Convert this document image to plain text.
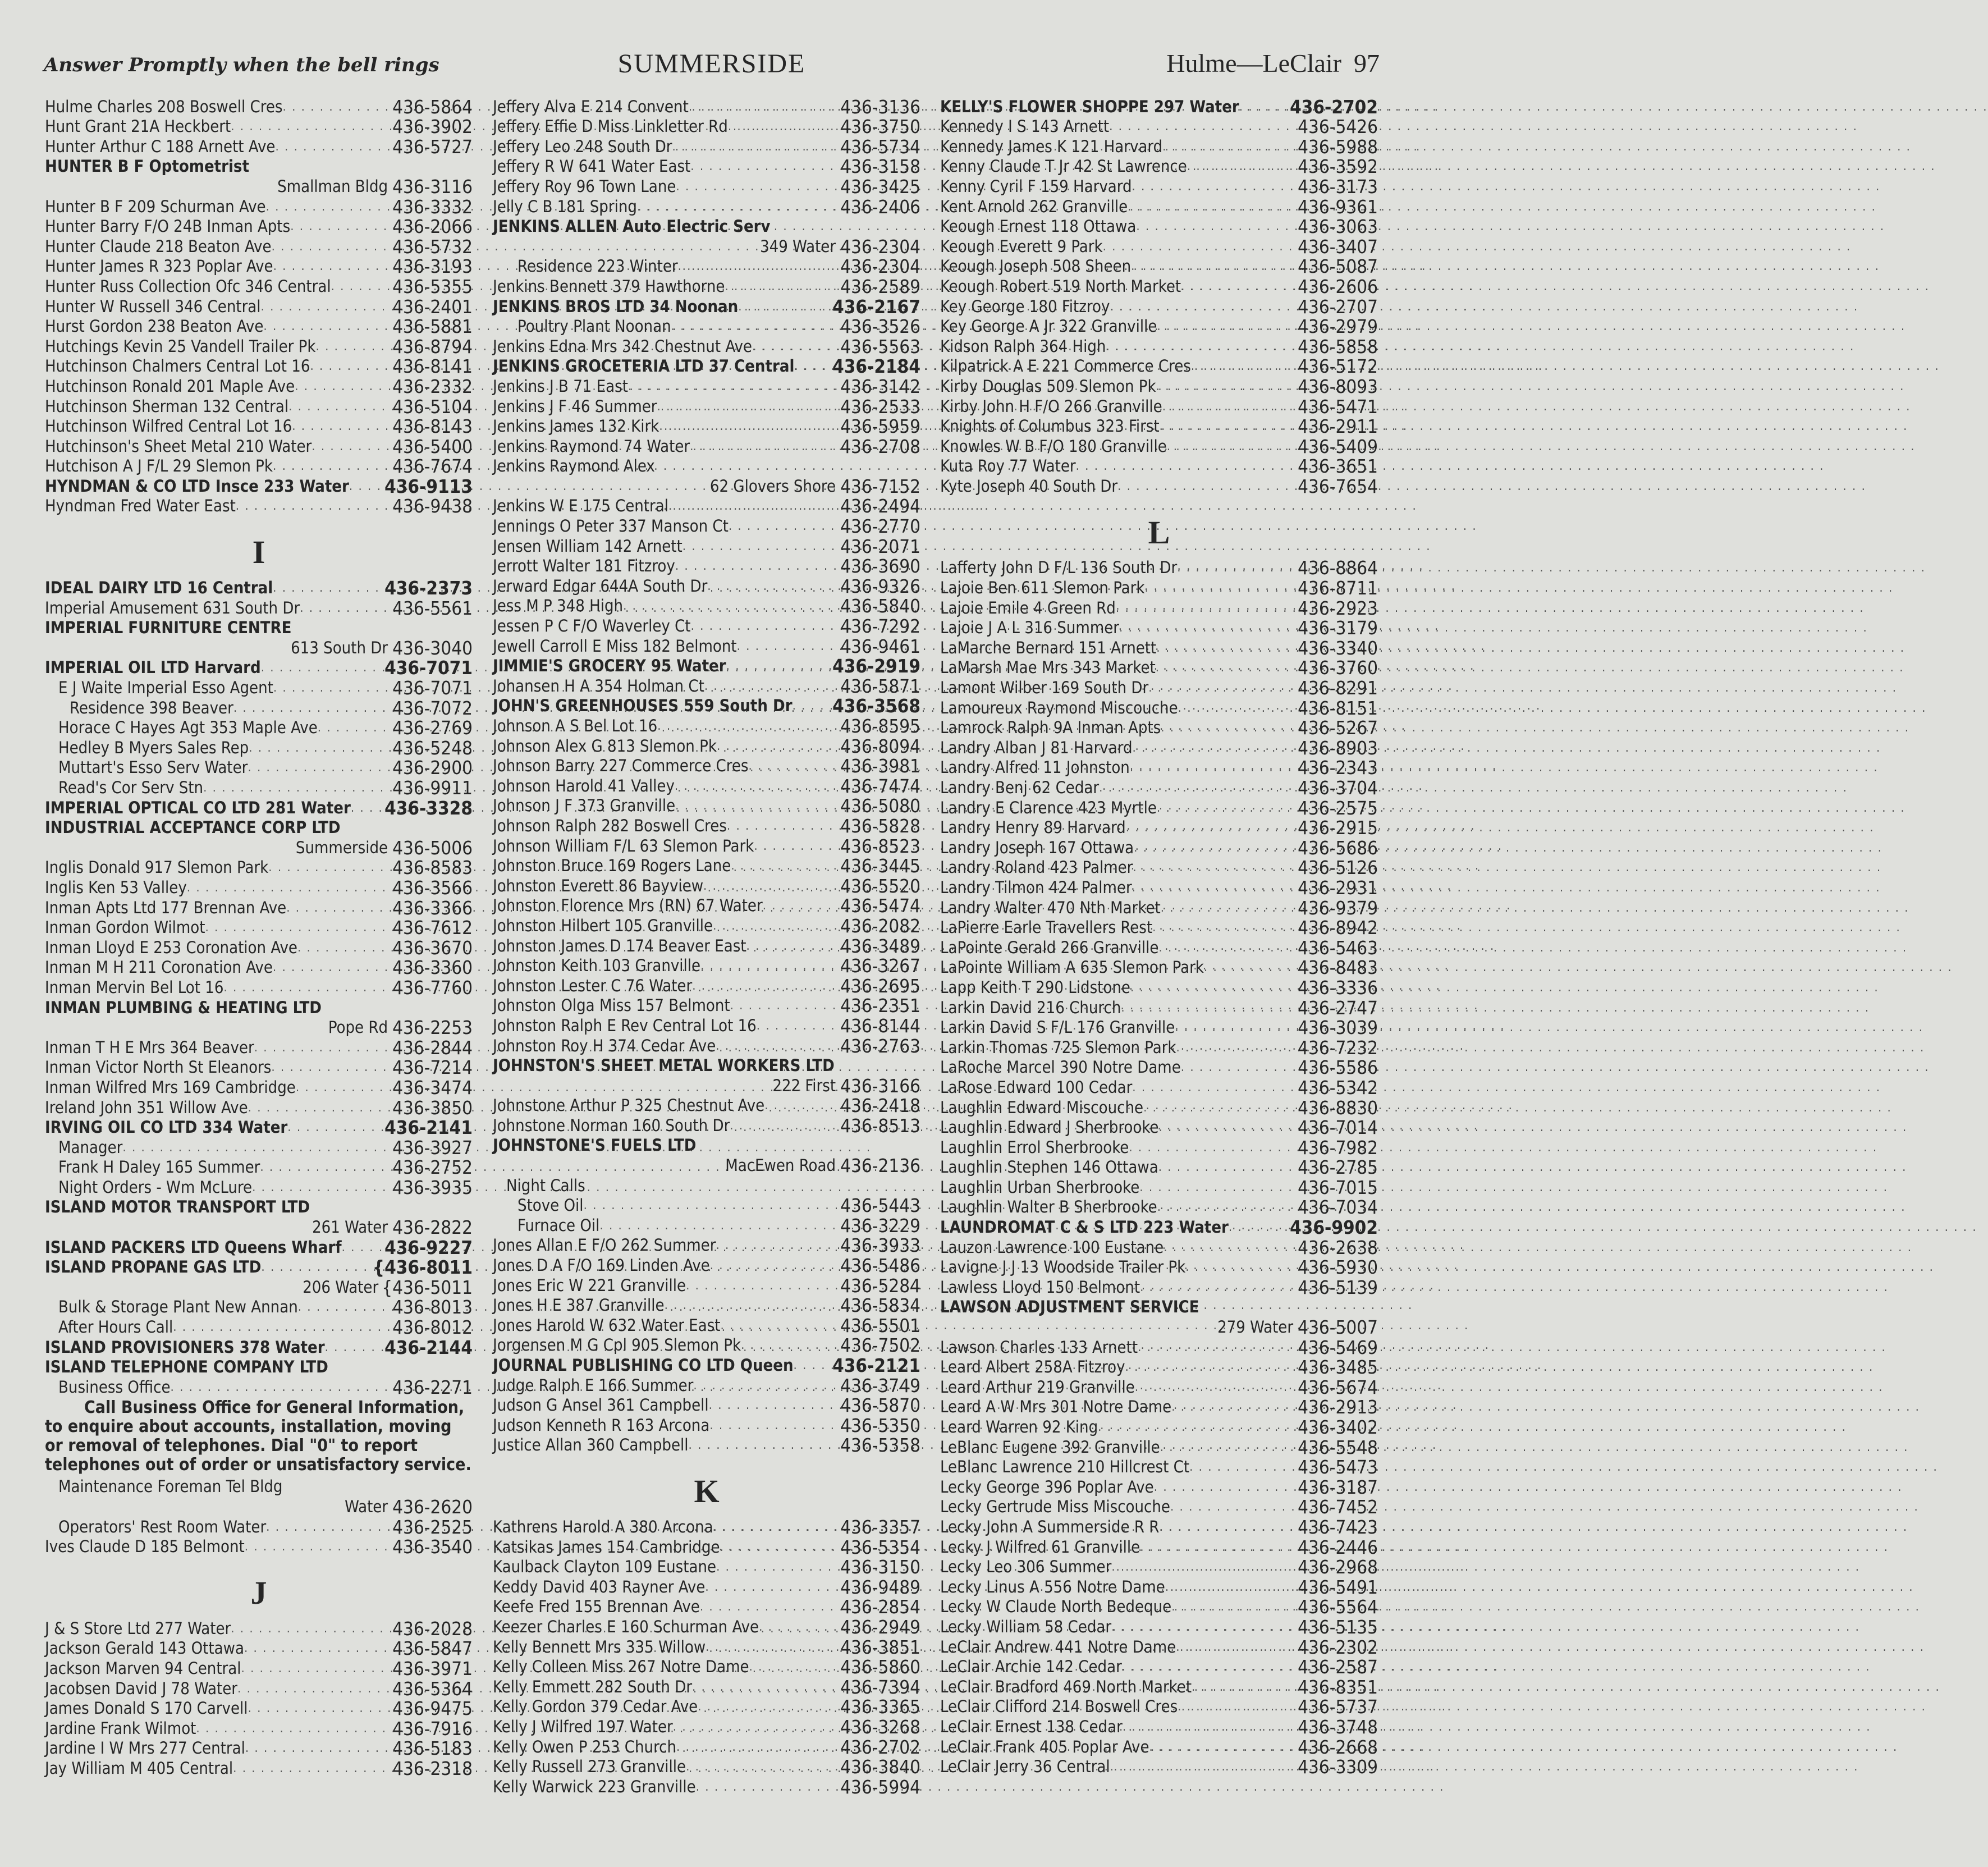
Answer Promptly when the bell rings	SUMMERSIDE	Hulme—LeClair 97
Hulme Charles 208 Boswell Cres . . .	436-5864
Hunt Grant 21A Heckbert . . .	436-3902
Hunter Arthur C 188 Arnett Ave . . .	436-5727
HUNTER B F Optometrist
Smallman Bldg 436-3116
Hunter B F 209 Schurman Ave . . .	436-3332
Hunter Barry F/O 24B Inman Apts . . .	436-2066
Hunter Claude 218 Beaton Ave . . .	436-5732
Hunter James R 323 Poplar Ave . . .	436-3193
Hunter Russ Collection Ofc 346 Central . . .	436-5355
Hunter W Russell 346 Central . . .	436-2401
Hurst Gordon 238 Beaton Ave . . .	436-5881
Hutchings Kevin 25 Vandell Trailer Pk . . .	436-8794
Hutchinson Chalmers Central Lot 16 . . .	436-8141
Hutchinson Ronald 201 Maple Ave . . .	436-2332
Hutchinson Sherman 132 Central . . .	436-5104
Hutchinson Wilfred Central Lot 16 . . .	436-8143
Hutchinson's Sheet Metal 210 Water . . .	436-5400
Hutchison A J F/L 29 Slemon Pk . . .	436-7674
HYNDMAN & CO LTD Insce 233 Water . . . 436-9113
Hyndman Fred Water East . . .	436-9438
I
IDEAL DAIRY LTD 16 Central . . .	436-2373
Imperial Amusement 631 South Dr . . .	436-5561
IMPERIAL FURNITURE CENTRE
613 South Dr 436-3040
IMPERIAL OIL LTD Harvard . . .	436-7071
E J Waite Imperial Esso Agent . . .	436-7071
Residence 398 Beaver . . .	436-7072
Horace C Hayes Agt 353 Maple Ave . . .	436-2769
Hedley B Myers Sales Rep . . .	436-5248
Muttart's Esso Serv Water . . .	436-2900
Read's Cor Serv Stn . . .	436-9911
IMPERIAL OPTICAL CO LTD 281 Water . . . 436-3328
INDUSTRIAL ACCEPTANCE CORP LTD
Summerside 436-5006
Inglis Donald 917 Slemon Park . . .	436-8583
Inglis Ken 53 Valley . . .	436-3566
Inman Apts Ltd 177 Brennan Ave . . .	436-3366
Inman Gordon Wilmot . . .	436-7612
Inman Lloyd E 253 Coronation Ave . . .	436-3670
Inman M H 211 Coronation Ave . . .	436-3360
Inman Mervin Bel Lot 16 . . .	436-7760
INMAN PLUMBING & HEATING LTD
Pope Rd 436-2253
Inman T H E Mrs 364 Beaver . . .	436-2844
Inman Victor North St Eleanors . . .	436-7214
Inman Wilfred Mrs 169 Cambridge . . .	436-3474
Ireland John 351 Willow Ave . . .	436-3850
IRVING OIL CO LTD 334 Water . . .	436-2141
Manager . . .	436-3927
Frank H Daley 165 Summer . . .	436-2752
Night Orders - Wm McLure . . .	436-3935
ISLAND MOTOR TRANSPORT LTD
261 Water 436-2822
ISLAND PACKERS LTD Queens Wharf . . . 436-9227
ISLAND PROPANE GAS LTD . . .	{436-8011
206 Water {436-5011
Bulk & Storage Plant New Annan . . .	436-8013
After Hours Call . . .	436-8012
ISLAND PROVISIONERS 378 Water . . .	436-2144
ISLAND TELEPHONE COMPANY LTD
Business Office . . .	436-2271
Call Business Office for General Information, to enquire about accounts, installation, moving or removal of telephones. Dial "0" to report telephones out of order or unsatisfactory service.
Maintenance Foreman Tel Bldg
Water 436-2620
Operators' Rest Room Water . . .	436-2525
Ives Claude D 185 Belmont . . .	436-3540
J
J & S Store Ltd 277 Water . . .	436-2028
Jackson Gerald 143 Ottawa . . .	436-5847
Jackson Marven 94 Central . . .	436-3971
Jacobsen David J 78 Water . . .	436-5364
James Donald S 170 Carvell . . .	436-9475
Jardine Frank Wilmot . . .	436-7916
Jardine I W Mrs 277 Central . . .	436-5183
Jay William M 405 Central . . .	436-2318
Jeffery Alva E 214 Convent . . .	436-3136
Jeffery Effie D Miss Linkletter Rd . . .	436-3750
Jeffery Leo 248 South Dr . . .	436-5734
Jeffery R W 641 Water East . . .	436-3158
Jeffery Roy 96 Town Lane . . .	436-3425
Jelly C B 181 Spring . . .	436-2406
JENKINS ALLEN Auto Electric Serv
349 Water 436-2304
Residence 223 Winter . . .	436-2304
Jenkins Bennett 379 Hawthorne . . .	436-2589
JENKINS BROS LTD 34 Noonan . . .	436-2167
Poultry Plant Noonan . . .	436-3526
Jenkins Edna Mrs 342 Chestnut Ave . . .	436-5563
JENKINS GROCETERIA LTD 37 Central . . . 436-2184
Jenkins J B 71 East . . .	436-3142
Jenkins J F 46 Summer . . .	436-2533
Jenkins James 132 Kirk . . .	436-5959
Jenkins Raymond 74 Water . . .	436-2708
Jenkins Raymond Alex
62 Glovers Shore 436-7152
Jenkins W E 175 Central . . .	436-2494
Jennings O Peter 337 Manson Ct . . .	436-2770
Jensen William 142 Arnett . . .	436-2071
Jerrott Walter 181 Fitzroy . . .	436-3690
Jerward Edgar 644A South Dr . . .	436-9326
Jess M P 348 High . . .	436-5840
Jessen P C F/O Waverley Ct . . .	436-7292
Jewell Carroll E Miss 182 Belmont . . .	436-9461
JIMMIE'S GROCERY 95 Water . . .	436-2919
Johansen H A 354 Holman Ct . . .	436-5871
JOHN'S GREENHOUSES 559 South Dr . . . 436-3568
Johnson A S Bel Lot 16 . . .	436-8595
Johnson Alex G 813 Slemon Pk . . .	436-8094
Johnson Barry 227 Commerce Cres . . .	436-3981
Johnson Harold 41 Valley . . .	436-7474
Johnson J F 373 Granville . . .	436-5080
Johnson Ralph 282 Boswell Cres . . .	436-5828
Johnson William F/L 63 Slemon Park . . .	436-8523
Johnston Bruce 169 Rogers Lane . . .	436-3445
Johnston Everett 86 Bayview . . .	436-5520
Johnston Florence Mrs (RN) 67 Water . . .	436-5474
Johnston Hilbert 105 Granville . . .	436-2082
Johnston James D 174 Beaver East . . .	436-3489
Johnston Keith 103 Granville . . .	436-3267
Johnston Lester C 76 Water . . .	436-2695
Johnston Olga Miss 157 Belmont . . .	436-2351
Johnston Ralph E Rev Central Lot 16 . . .	436-8144
Johnston Roy H 374 Cedar Ave . . .	436-2763
JOHNSTON'S SHEET METAL WORKERS LTD
222 First 436-3166
Johnstone Arthur P 325 Chestnut Ave . . .	436-2418
Johnstone Norman 160 South Dr . . .	436-8513
JOHNSTONE'S FUELS LTD
MacEwen Road 436-2136
Night Calls
Stove Oil . . .	436-5443
Furnace Oil . . .	436-3229
Jones Allan E F/O 262 Summer . . .	436-3933
Jones D A F/O 169 Linden Ave . . .	436-5486
Jones Eric W 221 Granville . . .	436-5284
Jones H E 387 Granville . . .	436-5834
Jones Harold W 632 Water East . . .	436-5501
Jorgensen M G Cpl 905 Slemon Pk . . .	436-7502
JOURNAL PUBLISHING CO LTD Queen . . . 436-2121
Judge Ralph E 166 Summer . . .	436-3749
Judson G Ansel 361 Campbell . . .	436-5870
Judson Kenneth R 163 Arcona . . .	436-5350
Justice Allan 360 Campbell . . .	436-5358
K
Kathrens Harold A 380 Arcona . . .	436-3357
Katsikas James 154 Cambridge . . .	436-5354
Kaulback Clayton 109 Eustane . . .	436-3150
Keddy David 403 Rayner Ave . . .	436-9489
Keefe Fred 155 Brennan Ave . . .	436-2854
Keezer Charles E 160 Schurman Ave . . .	436-2949
Kelly Bennett Mrs 335 Willow . . .	436-3851
Kelly Colleen Miss 267 Notre Dame . . .	436-5860
Kelly Emmett 282 South Dr . . .	436-7394
Kelly Gordon 379 Cedar Ave . . .	436-3365
Kelly J Wilfred 197 Water . . .	436-3268
Kelly Owen P 253 Church . . .	436-2702
Kelly Russell 273 Granville . . .	436-3840
Kelly Warwick 223 Granville . . .	436-5994
KELLY'S FLOWER SHOPPE 297 Water . . .	436-2702
Kennedy I S 143 Arnett . . .	436-5426
Kennedy James K 121 Harvard . . .	436-5988
Kenny Claude T Jr 42 St Lawrence . . .	436-3592
Kenny Cyril F 159 Harvard . . .	436-3173
Kent Arnold 262 Granville . . .	436-9361
Keough Ernest 118 Ottawa . . .	436-3063
Keough Everett 9 Park . . .	436-3407
Keough Joseph 508 Sheen . . .	436-5087
Keough Robert 519 North Market . . .	436-2606
Key George 180 Fitzroy . . .	436-2707
Key George A Jr 322 Granville . . .	436-2979
Kidson Ralph 364 High . . .	436-5858
Kilpatrick A E 221 Commerce Cres . . .	436-5172
Kirby Douglas 509 Slemon Pk . . .	436-8093
Kirby John H F/O 266 Granville . . .	436-5471
Knights of Columbus 323 First . . .	436-2911
Knowles W B F/O 180 Granville . . .	436-5409
Kuta Roy 77 Water . . .	436-3651
Kyte Joseph 40 South Dr . . .	436-7654
L
Lafferty John D F/L 136 South Dr . . .	436-8864
Lajoie Ben 611 Slemon Park . . .	436-8711
Lajoie Emile 4 Green Rd . . .	436-2923
Lajoie J A L 316 Summer . . .	436-3179
LaMarche Bernard 151 Arnett . . .	436-3340
LaMarsh Mae Mrs 343 Market . . .	436-3760
Lamont Wilber 169 South Dr . . .	436-8291
Lamoureux Raymond Miscouche . . .	436-8151
Lamrock Ralph 9A Inman Apts . . .	436-5267
Landry Alban J 81 Harvard . . .	436-8903
Landry Alfred 11 Johnston . . .	436-2343
Landry Benj 62 Cedar . . .	436-3704
Landry E Clarence 423 Myrtle . . .	436-2575
Landry Henry 89 Harvard . . .	436-2915
Landry Joseph 167 Ottawa . . .	436-5686
Landry Roland 423 Palmer . . .	436-5126
Landry Tilmon 424 Palmer . . .	436-2931
Landry Walter 470 Nth Market . . .	436-9379
LaPierre Earle Travellers Rest . . .	436-8942
LaPointe Gerald 266 Granville . . .	436-5463
LaPointe William A 635 Slemon Park . . .	436-8483
Lapp Keith T 290 Lidstone . . .	436-3336
Larkin David 216 Church . . .	436-2747
Larkin David S F/L 176 Granville . . .	436-3039
Larkin Thomas 725 Slemon Park . . .	436-7232
LaRoche Marcel 390 Notre Dame . . .	436-5586
LaRose Edward 100 Cedar . . .	436-5342
Laughlin Edward Miscouche . . .	436-8830
Laughlin Edward J Sherbrooke . . .	436-7014
Laughlin Errol Sherbrooke . . .	436-7982
Laughlin Stephen 146 Ottawa . . .	436-2785
Laughlin Urban Sherbrooke . . .	436-7015
Laughlin Walter B Sherbrooke . . .	436-7034
LAUNDROMAT C & S LTD 223 Water . . .	436-9902
Lauzon Lawrence 100 Eustane . . .	436-2638
Lavigne J J 13 Woodside Trailer Pk . . .	436-5930
Lawless Lloyd 150 Belmont . . .	436-5139
LAWSON ADJUSTMENT SERVICE
279 Water 436-5007
Lawson Charles 133 Arnett . . .	436-5469
Leard Albert 258A Fitzroy . . .	436-3485
Leard Arthur 219 Granville . . .	436-5674
Leard A W Mrs 301 Notre Dame . . .	436-2913
Leard Warren 92 King . . .	436-3402
LeBlanc Eugene 392 Granville . . .	436-5548
LeBlanc Lawrence 210 Hillcrest Ct . . .	436-5473
Lecky George 396 Poplar Ave . . .	436-3187
Lecky Gertrude Miss Miscouche . . .	436-7452
Lecky John A Summerside R R . . .	436-7423
Lecky J Wilfred 61 Granville . . .	436-2446
Lecky Leo 306 Summer . . .	436-2968
Lecky Linus A 556 Notre Dame . . .	436-5491
Lecky W Claude North Bedeque . . .	436-5564
Lecky William 58 Cedar . . .	436-5135
LeClair Andrew 441 Notre Dame . . .	436-2302
LeClair Archie 142 Cedar . . .	436-2587
LeClair Bradford 469 North Market . . .	436-8351
LeClair Clifford 214 Boswell Cres . . .	436-5737
LeClair Ernest 138 Cedar . . .	436-3748
LeClair Frank 405 Poplar Ave . . .	436-2668
LeClair Jerry 36 Central . . .	436-3309
